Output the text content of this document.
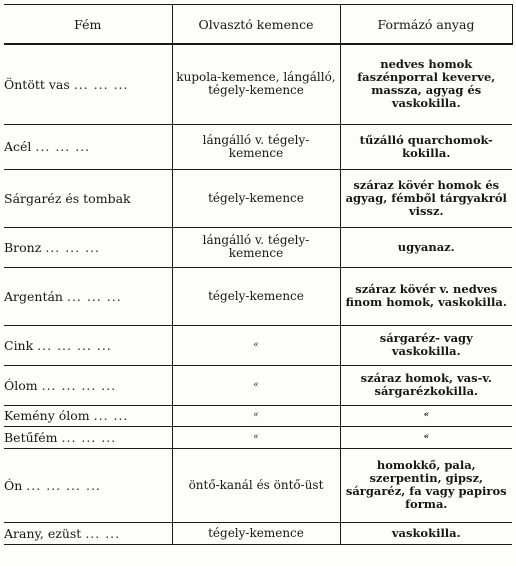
Fém	Olvasztó kemence	Formázó anyag
Öntött vas ... ... ...	kupola-kemence, lángálló, tégely-kemence	nedves homok faszénporral keverve, massza, agyag és vaskokilla.
Acél ... ... ...	lángálló v. tégely-kemence	tűzálló quarchomok-kokilla.
Sárgaréz és tombak	tégely-kemence	száraz kövér homok és agyag, fémből tárgyakról vissz.
Bronz ... ... ...	lángálló v. tégely-kemence	ugyanaz.
Argentán ... ... ...	tégely-kemence	száraz kövér v. nedves finom homok, vaskokilla.
Cink ... ... ... ...	«	sárgaréz- vagy vaskokilla.
Ólom ... ... ... ...	«	száraz homok, vas-v. sárgarézkokilla.
Kemény ólom ... ...	«	«
Betűfém ... ... ...	«	«
Ón ... ... ... ...	öntő-kanál és öntő-üst	homokkő, pala, szerpentin, gipsz, sárgaréz, fa vagy papiros forma.
Arany, ezüst ... ...	tégely-kemence	vaskokilla.
